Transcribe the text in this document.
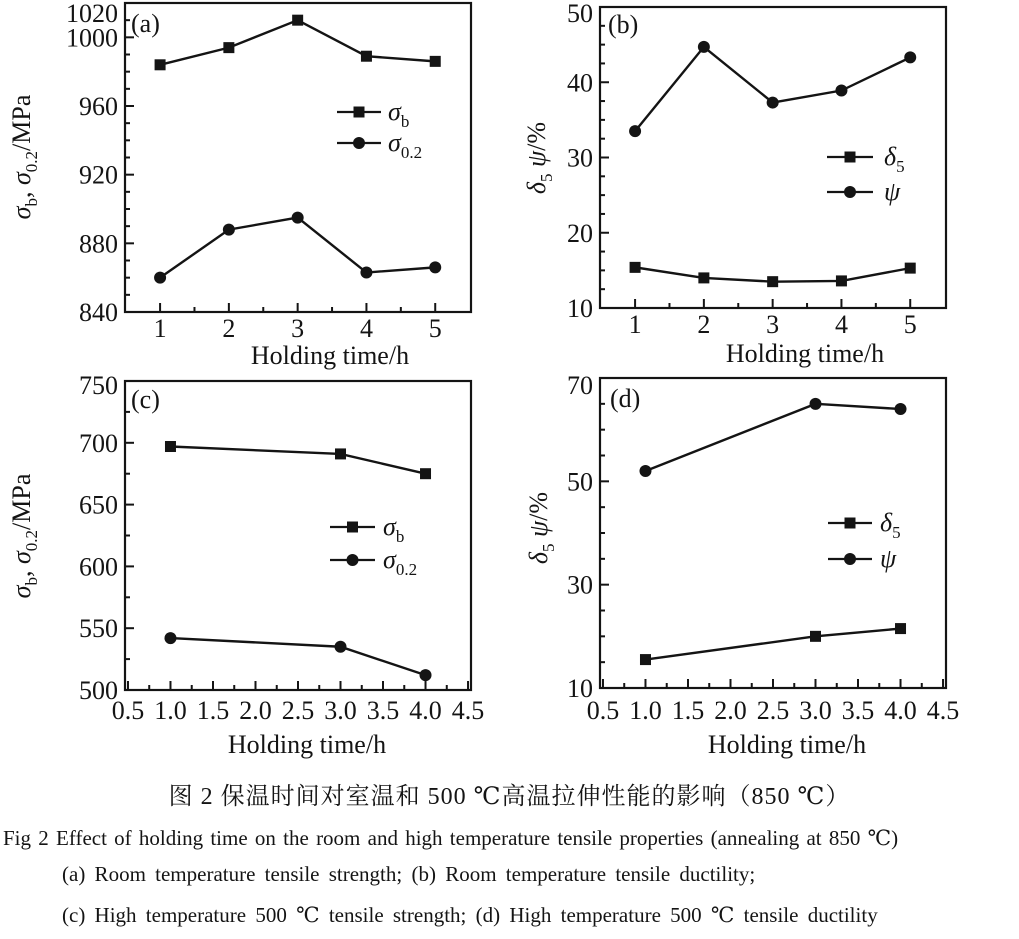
1 2 3 4 5
840
880
920
960
1000
1020 (a)
Holding time/h
$\sigma_b$, $\sigma_{0.2}$/MPa	$\sigma_b$
$\sigma_{0.2}$
1 2 3 4 5
10
20
30
40
50 (b)
Holding time/h
$\delta_5$ ψ/%
$\delta_5$
ψ
0.5 1.0 1.5 2.0 2.5 3.0 3.5 4.0 4.5
500
550
600
650
700
750 (c)
Holding time/h
$\sigma_b$, $\sigma_{0.2}$/MPa	$\sigma_b$
$\sigma_{0.2}$
0.5 1.0 1.5 2.0 2.5 3.0 3.5 4.0 4.5
10
30
50
70 (d)
Holding time/h
$\delta_5$ ψ/%
$\delta_5$
ψ
图 2 保温时间对室温和 500 ℃高温拉伸性能的影响（850 ℃）
Fig 2 Effect of holding time on the room and high temperature tensile properties (annealing at 850 ℃)
(a) Room temperature tensile strength; (b) Room temperature tensile ductility;
(c) High temperature 500 ℃ tensile strength; (d) High temperature 500 ℃ tensile ductility
